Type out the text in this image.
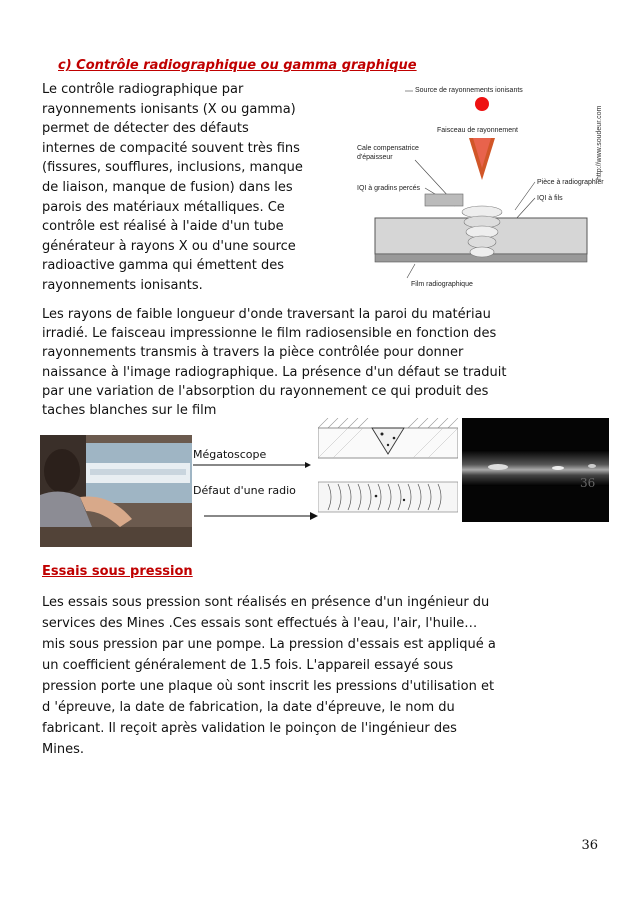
c) Contrôle radiographique ou gamma graphique
Le contrôle radiographique par
rayonnements ionisants (X ou gamma)
permet de détecter des défauts
internes de compacité souvent très fins
(fissures, soufflures, inclusions, manque
de liaison, manque de fusion) dans les
parois des matériaux métalliques. Ce
contrôle est réalisé à l'aide d'un tube
générateur à rayons X ou d'une source
radioactive gamma qui émettent des
rayonnements ionisants.
Source de rayonnements ionisants
Faisceau de rayonnement
Cale compensatrice
d'épaisseur
IQI à gradins percés
Pièce à radiographier
IQI à fils
Film radiographique
http://www.soudeur.com
Les rayons de faible longueur d'onde traversant la paroi du matériau
irradié. Le faisceau impressionne le film radiosensible en fonction des
rayonnements transmis à travers la pièce contrôlée pour donner
naissance à l'image radiographique. La présence d'un défaut se traduit
par une variation de l'absorption du rayonnement ce qui produit des
taches blanches sur le film
Mégatoscope
Défaut d'une radio
36
Essais sous pression
Les essais sous pression sont réalisés en présence d'un ingénieur du
services des Mines .Ces essais sont effectués à l'eau, l'air, l'huile…
mis sous pression par une pompe. La pression d'essais est appliqué a
un coefficient généralement de 1.5 fois. L'appareil essayé sous
pression porte une plaque où sont inscrit les pressions d'utilisation et
d 'épreuve, la date de fabrication, la date d'épreuve, le nom du
fabricant. Il reçoit après validation le poinçon de l'ingénieur des
Mines.
36
